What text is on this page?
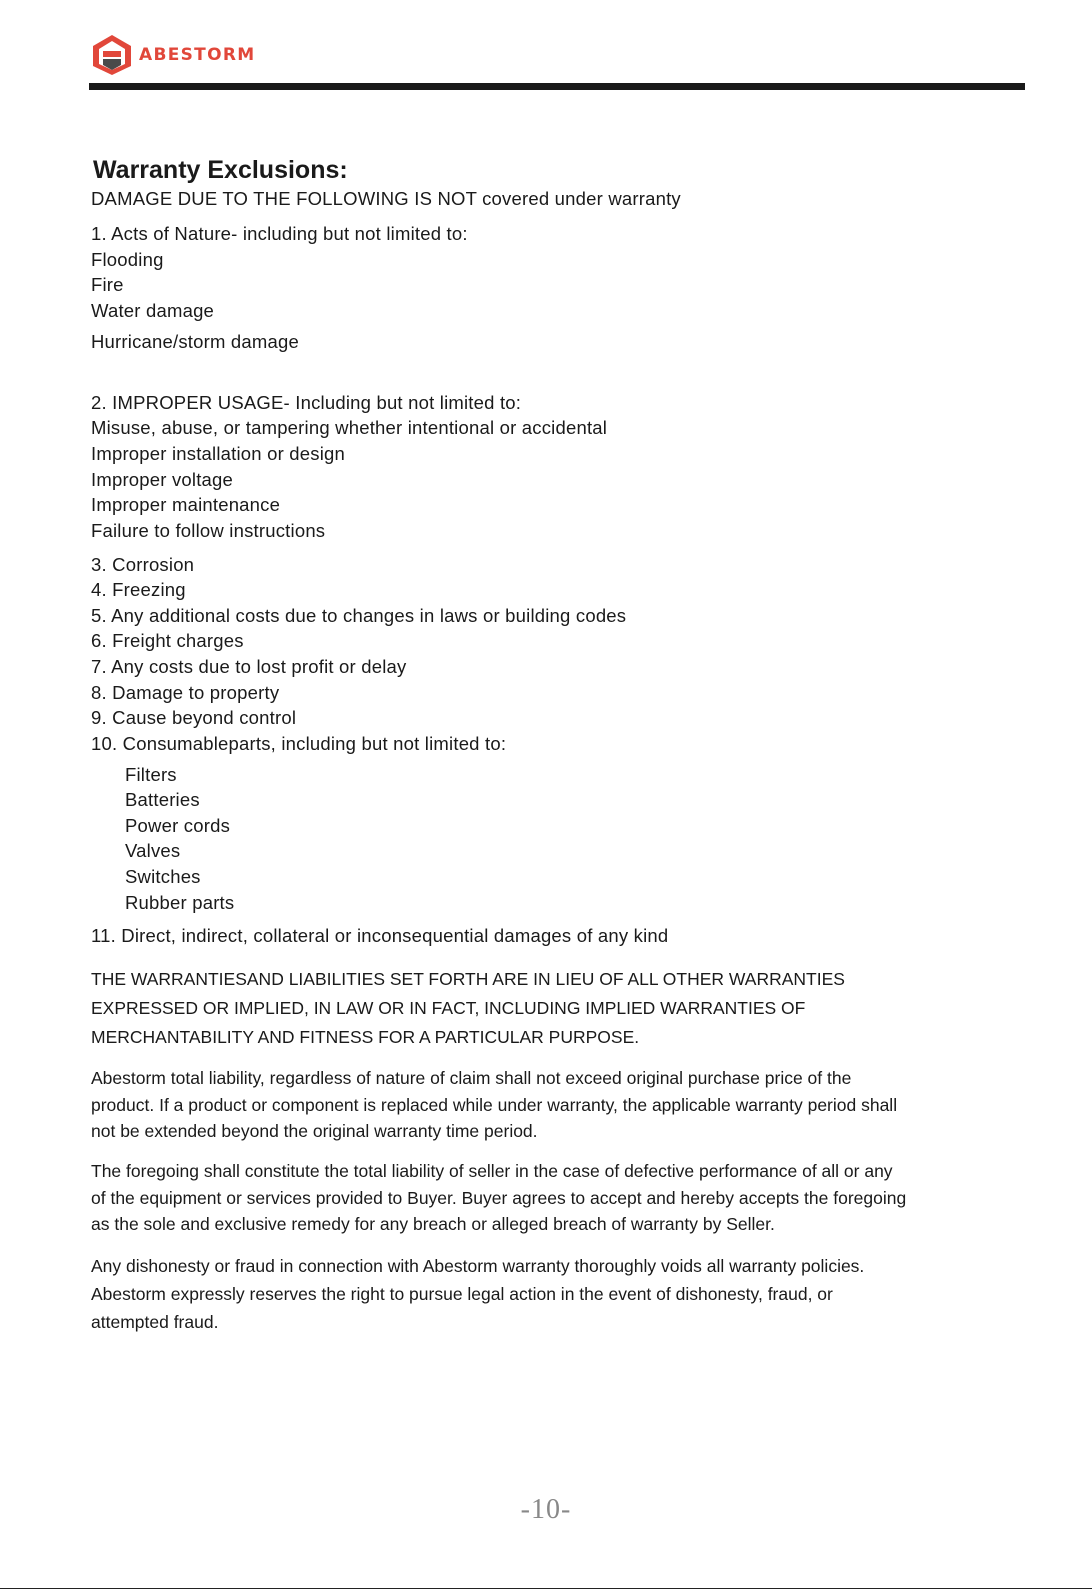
ABESTORM
Warranty Exclusions:
DAMAGE DUE TO THE FOLLOWING IS NOT covered under warranty
1. Acts of Nature- including but not limited to:
Flooding
Fire
Water damage
Hurricane/storm damage
2. IMPROPER USAGE- Including but not limited to:
Misuse, abuse, or tampering whether intentional or accidental
Improper installation or design
Improper voltage
Improper maintenance
Failure to follow instructions
3. Corrosion
4. Freezing
5. Any additional costs due to changes in laws or building codes
6. Freight charges
7. Any costs due to lost profit or delay
8. Damage to property
9. Cause beyond control
10. Consumableparts, including but not limited to:
Filters
Batteries
Power cords
Valves
Switches
Rubber parts
11. Direct, indirect, collateral or inconsequential damages of any kind
THE WARRANTIESAND LIABILITIES SET FORTH ARE IN LIEU OF ALL OTHER WARRANTIES
EXPRESSED OR IMPLIED, IN LAW OR IN FACT, INCLUDING IMPLIED WARRANTIES OF
MERCHANTABILITY AND FITNESS FOR A PARTICULAR PURPOSE.
Abestorm total liability, regardless of nature of claim shall not exceed original purchase price of the
product. If a product or component is replaced while under warranty, the applicable warranty period shall
not be extended beyond the original warranty time period.
The foregoing shall constitute the total liability of seller in the case of defective performance of all or any
of the equipment or services provided to Buyer. Buyer agrees to accept and hereby accepts the foregoing
as the sole and exclusive remedy for any breach or alleged breach of warranty by Seller.
Any dishonesty or fraud in connection with Abestorm warranty thoroughly voids all warranty policies.
Abestorm expressly reserves the right to pursue legal action in the event of dishonesty, fraud, or
attempted fraud.
-10-
